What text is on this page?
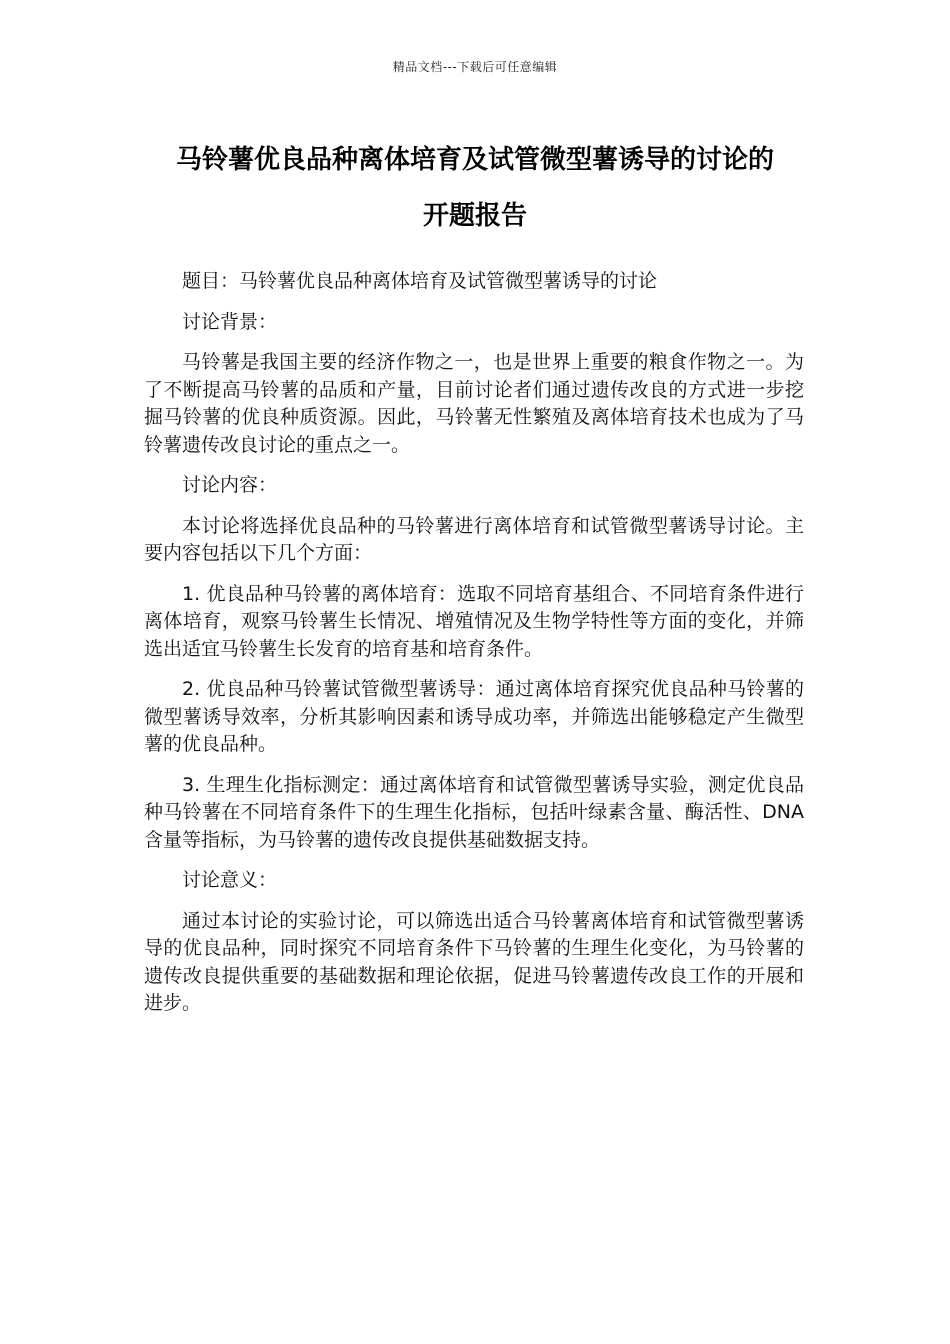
精品文档---下载后可任意编辑
马铃薯优良品种离体培育及试管微型薯诱导的讨论的
开题报告

题目：马铃薯优良品种离体培育及试管微型薯诱导的讨论

讨论背景：

马铃薯是我国主要的经济作物之一，也是世界上重要的粮食作物之一。为了不断提高马铃薯的品质和产量，目前讨论者们通过遗传改良的方式进一步挖掘马铃薯的优良种质资源。因此，马铃薯无性繁殖及离体培育技术也成为了马铃薯遗传改良讨论的重点之一。

讨论内容：

本讨论将选择优良品种的马铃薯进行离体培育和试管微型薯诱导讨论。主要内容包括以下几个方面：

1. 优良品种马铃薯的离体培育：选取不同培育基组合、不同培育条件进行离体培育，观察马铃薯生长情况、增殖情况及生物学特性等方面的变化，并筛选出适宜马铃薯生长发育的培育基和培育条件。

2. 优良品种马铃薯试管微型薯诱导：通过离体培育探究优良品种马铃薯的微型薯诱导效率，分析其影响因素和诱导成功率，并筛选出能够稳定产生微型薯的优良品种。

3. 生理生化指标测定：通过离体培育和试管微型薯诱导实验，测定优良品种马铃薯在不同培育条件下的生理生化指标，包括叶绿素含量、酶活性、DNA 含量等指标，为马铃薯的遗传改良提供基础数据支持。

讨论意义：

通过本讨论的实验讨论，可以筛选出适合马铃薯离体培育和试管微型薯诱导的优良品种，同时探究不同培育条件下马铃薯的生理生化变化，为马铃薯的遗传改良提供重要的基础数据和理论依据，促进马铃薯遗传改良工作的开展和进步。
